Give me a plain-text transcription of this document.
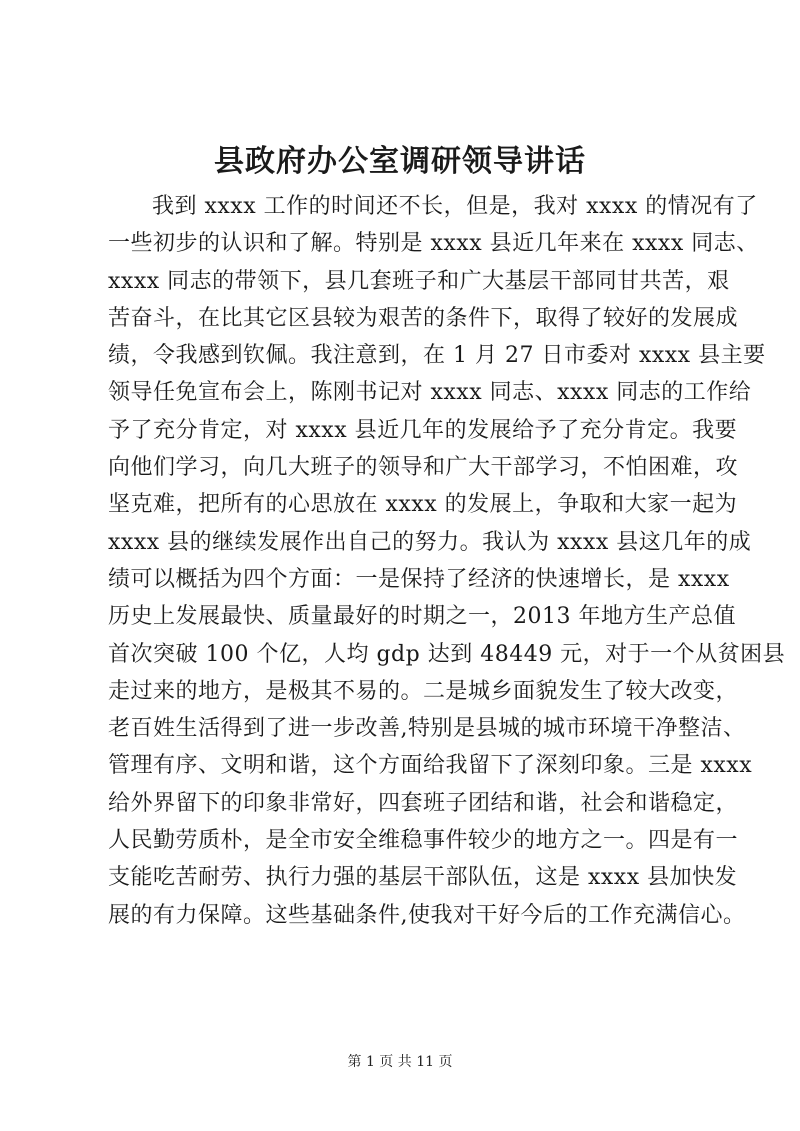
县政府办公室调研领导讲话
我到 xxxx 工作的时间还不长，但是，我对 xxxx 的情况有了
一些初步的认识和了解。特别是 xxxx 县近几年来在 xxxx 同志、
xxxx 同志的带领下，县几套班子和广大基层干部同甘共苦，艰
苦奋斗，在比其它区县较为艰苦的条件下，取得了较好的发展成
绩，令我感到钦佩。我注意到，在 1 月 27 日市委对 xxxx 县主要
领导任免宣布会上，陈刚书记对 xxxx 同志、xxxx 同志的工作给
予了充分肯定，对 xxxx 县近几年的发展给予了充分肯定。我要
向他们学习，向几大班子的领导和广大干部学习，不怕困难，攻
坚克难，把所有的心思放在 xxxx 的发展上，争取和大家一起为
xxxx 县的继续发展作出自己的努力。我认为 xxxx 县这几年的成
绩可以概括为四个方面：一是保持了经济的快速增长，是 xxxx
历史上发展最快、质量最好的时期之一，2013 年地方生产总值
首次突破 100 个亿，人均 gdp 达到 48449 元，对于一个从贫困县
走过来的地方，是极其不易的。二是城乡面貌发生了较大改变，
老百姓生活得到了进一步改善,特别是县城的城市环境干净整洁、
管理有序、文明和谐，这个方面给我留下了深刻印象。三是 xxxx
给外界留下的印象非常好，四套班子团结和谐，社会和谐稳定，
人民勤劳质朴，是全市安全维稳事件较少的地方之一。四是有一
支能吃苦耐劳、执行力强的基层干部队伍，这是 xxxx 县加快发
展的有力保障。这些基础条件,使我对干好今后的工作充满信心。
第 1 页 共 11 页
